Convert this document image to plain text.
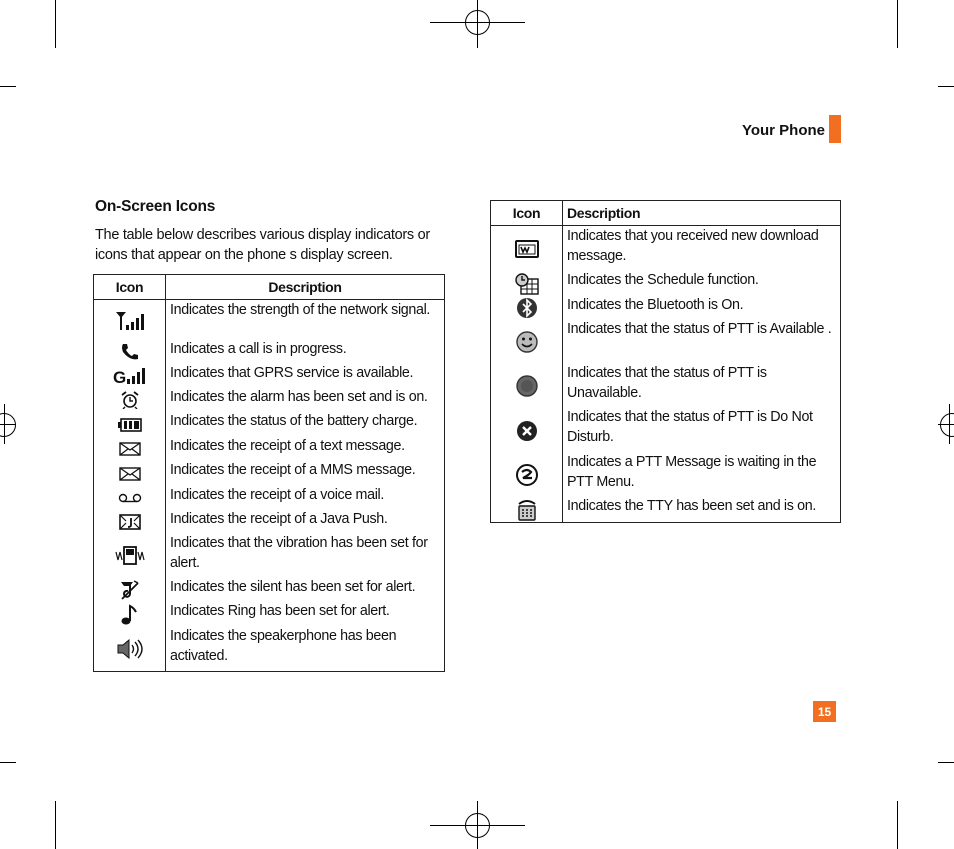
Your Phone
On-Screen Icons
The table below describes various display indicators or icons that appear on the phone s display screen.
Icon	Description

	Indicates the strength of the network signal.

	Indicates a call is in progress.

G	Indicates that GPRS service is available.

	Indicates the alarm has been set and is on.

	Indicates the status of the battery charge.

	Indicates the receipt of a text message.

	Indicates the receipt of a MMS message.

	Indicates the receipt of a voice mail.

	Indicates the receipt of a Java Push.

	Indicates that the vibration has been set for alert.

	Indicates the silent has been set for alert.

	Indicates Ring has been set for alert.

	Indicates the speakerphone has been activated.
Icon	Description

	Indicates that you received new download message.

	Indicates the Schedule function.

	Indicates the Bluetooth is On.

	Indicates that the status of PTT is Available .

	Indicates that the status of PTT is Unavailable.

	Indicates that the status of PTT is Do Not Disturb.

	Indicates a PTT Message is waiting in the PTT Menu.

	Indicates the TTY has been set and is on.
15
